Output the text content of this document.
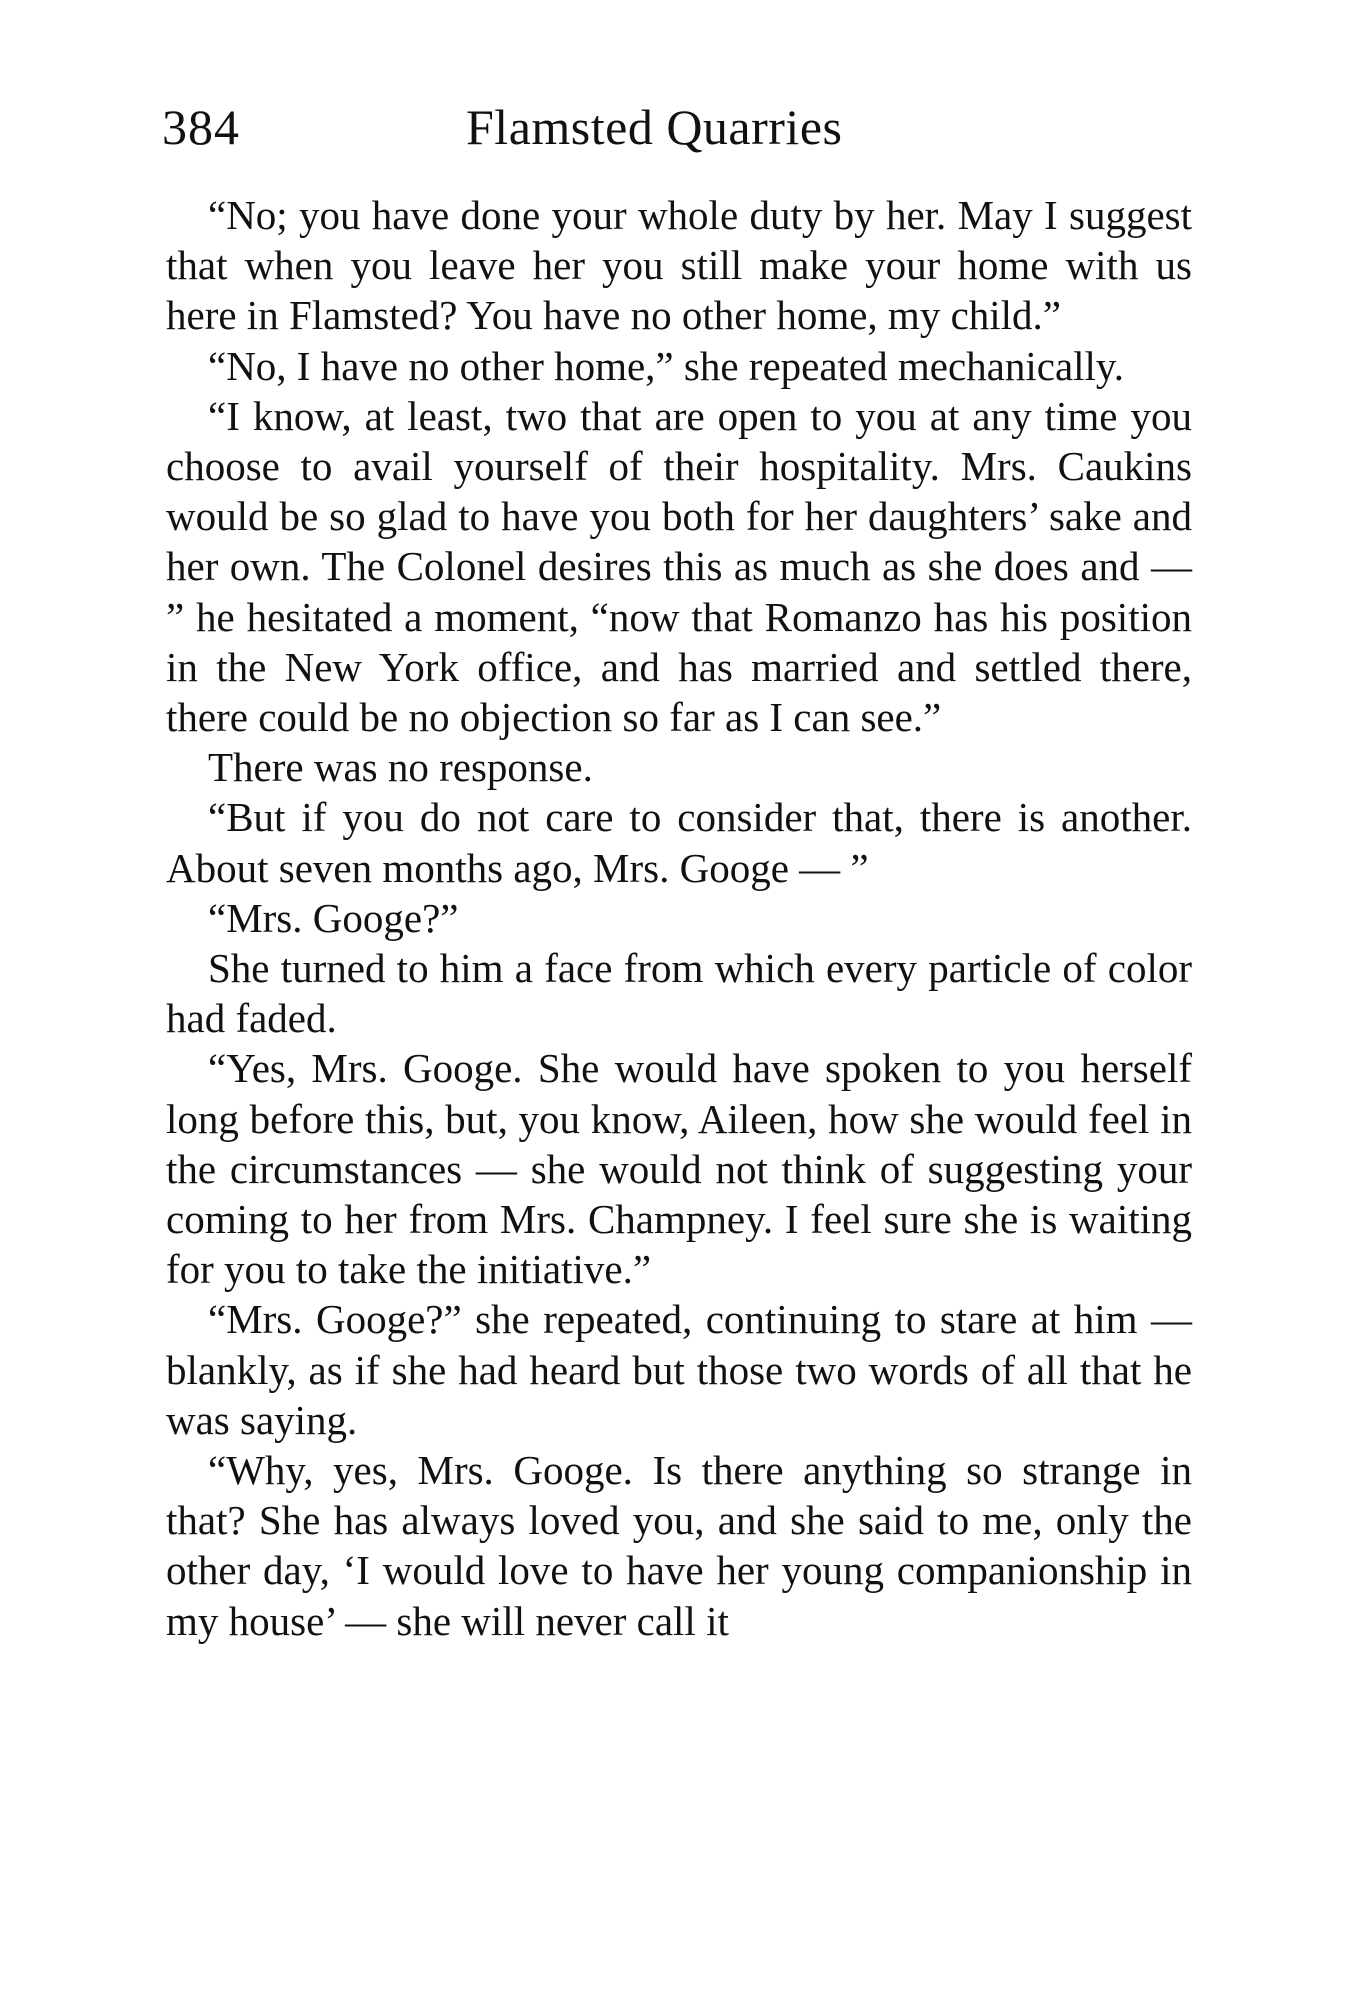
384	Flamsted Quarries

“No; you have done your whole duty by her. May I suggest that when you leave her you still make your home with us here in Flamsted? You have no other home, my child.”

“No, I have no other home,” she repeated mechanically.

“I know, at least, two that are open to you at any time you choose to avail yourself of their hospitality. Mrs. Caukins would be so glad to have you both for her daughters’ sake and her own. The Colonel desires this as much as she does and — ” he hesitated a moment, “now that Romanzo has his position in the New York office, and has married and settled there, there could be no objection so far as I can see.”

There was no response.

“But if you do not care to consider that, there is another. About seven months ago, Mrs. Googe — ”

“Mrs. Googe?”

She turned to him a face from which every particle of color had faded.

“Yes, Mrs. Googe. She would have spoken to you herself long before this, but, you know, Aileen, how she would feel in the circumstances — she would not think of suggesting your coming to her from Mrs. Champney. I feel sure she is waiting for you to take the initiative.”

“Mrs. Googe?” she repeated, continuing to stare at him — blankly, as if she had heard but those two words of all that he was saying.

“Why, yes, Mrs. Googe. Is there anything so strange in that? She has always loved you, and she said to me, only the other day, ‘I would love to have her young companionship in my house’ — she will never call it
